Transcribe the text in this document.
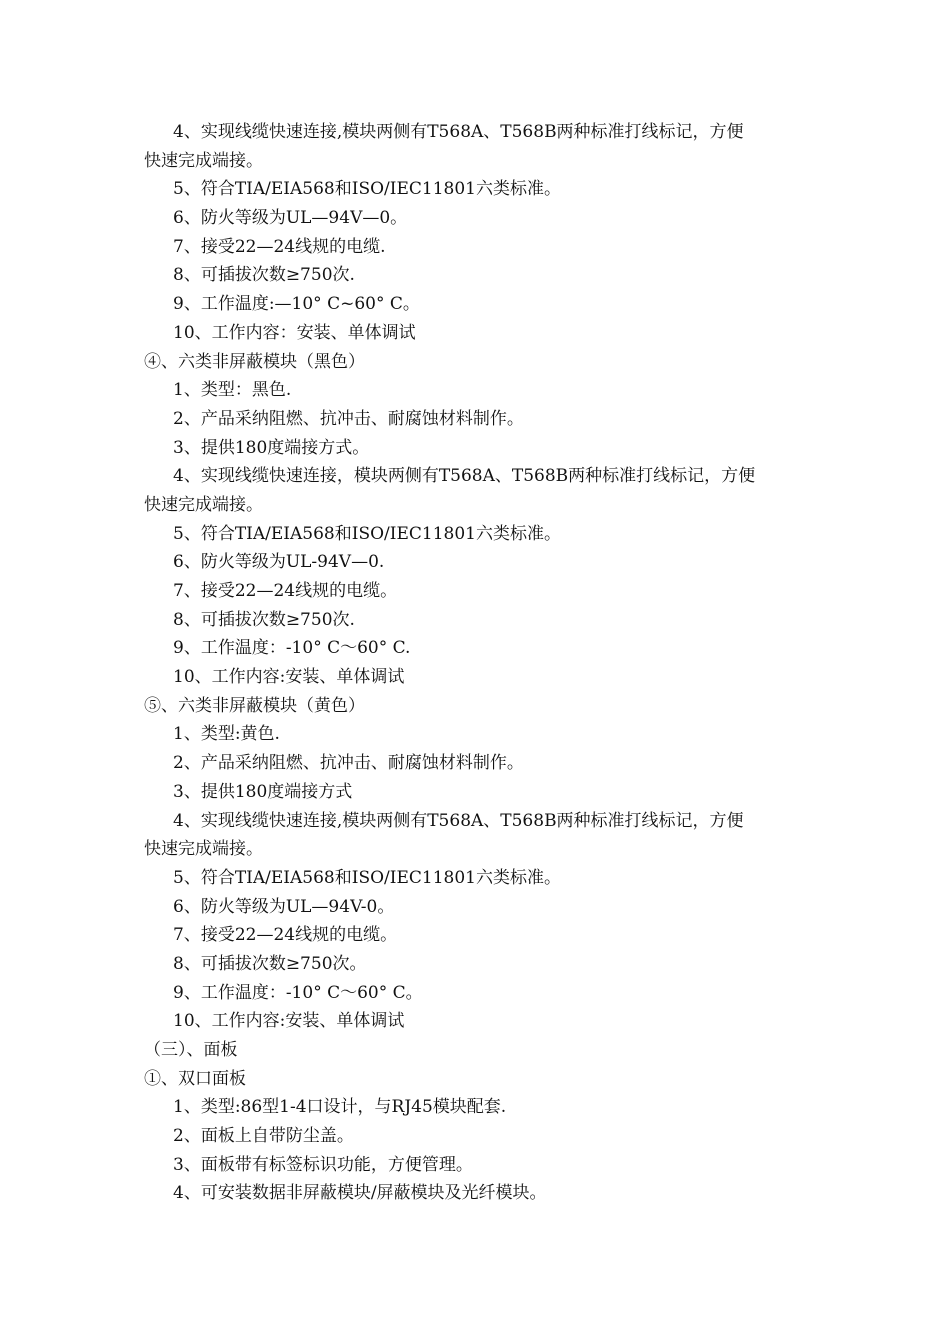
4、实现线缆快速连接,模块两侧有T568A、T568B两种标准打线标记，方便
快速完成端接。
5、符合TIA/EIA568和ISO/IEC11801六类标准。
6、防火等级为UL—94V—0。
7、接受22—24线规的电缆.
8、可插拔次数≥750次.
9、工作温度:—10° C~60° C。
10、工作内容：安装、单体调试
④、六类非屏蔽模块（黑色）
1、类型：黑色.
2、产品采纳阻燃、抗冲击、耐腐蚀材料制作。
3、提供180度端接方式。
4、实现线缆快速连接，模块两侧有T568A、T568B两种标准打线标记，方便
快速完成端接。
5、符合TIA/EIA568和ISO/IEC11801六类标准。
6、防火等级为UL-94V—0.
7、接受22—24线规的电缆。
8、可插拔次数≥750次.
9、工作温度：-10° C～60° C.
10、工作内容:安装、单体调试
⑤、六类非屏蔽模块（黄色）
1、类型:黄色.
2、产品采纳阻燃、抗冲击、耐腐蚀材料制作。
3、提供180度端接方式
4、实现线缆快速连接,模块两侧有T568A、T568B两种标准打线标记，方便
快速完成端接。
5、符合TIA/EIA568和ISO/IEC11801六类标准。
6、防火等级为UL—94V-0。
7、接受22—24线规的电缆。
8、可插拔次数≥750次。
9、工作温度：-10° C～60° C。
10、工作内容:安装、单体调试
（三）、面板
①、双口面板
1、类型:86型1-4口设计，与RJ45模块配套.
2、面板上自带防尘盖。
3、面板带有标签标识功能，方便管理。
4、可安装数据非屏蔽模块/屏蔽模块及光纤模块。
